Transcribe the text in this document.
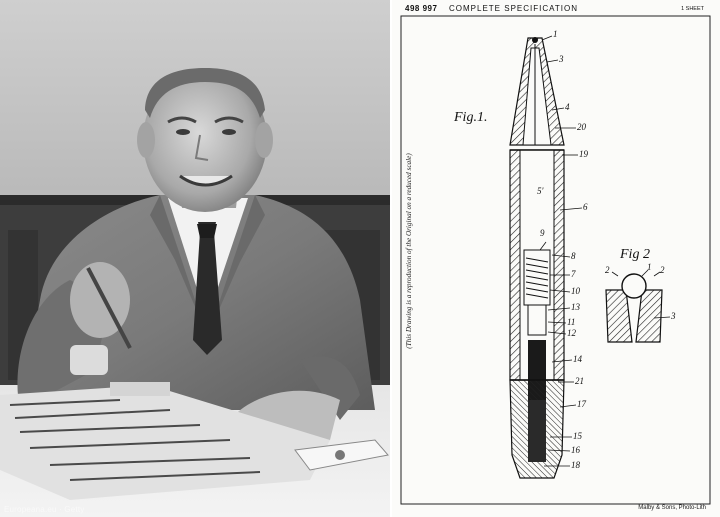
Europeana.eu · Getty
498 997 COMPLETE SPECIFICATION	1 SHEET
(This Drawing is a reproduction of the Original on a reduced scale)
Fig.1.
Fig 2
1
3
4
20
19
5'
6
9
8
7
10
13
11
12
14
21
17
15
16
18
2	1 2
3
Malby & Sons, Photo-Lith
